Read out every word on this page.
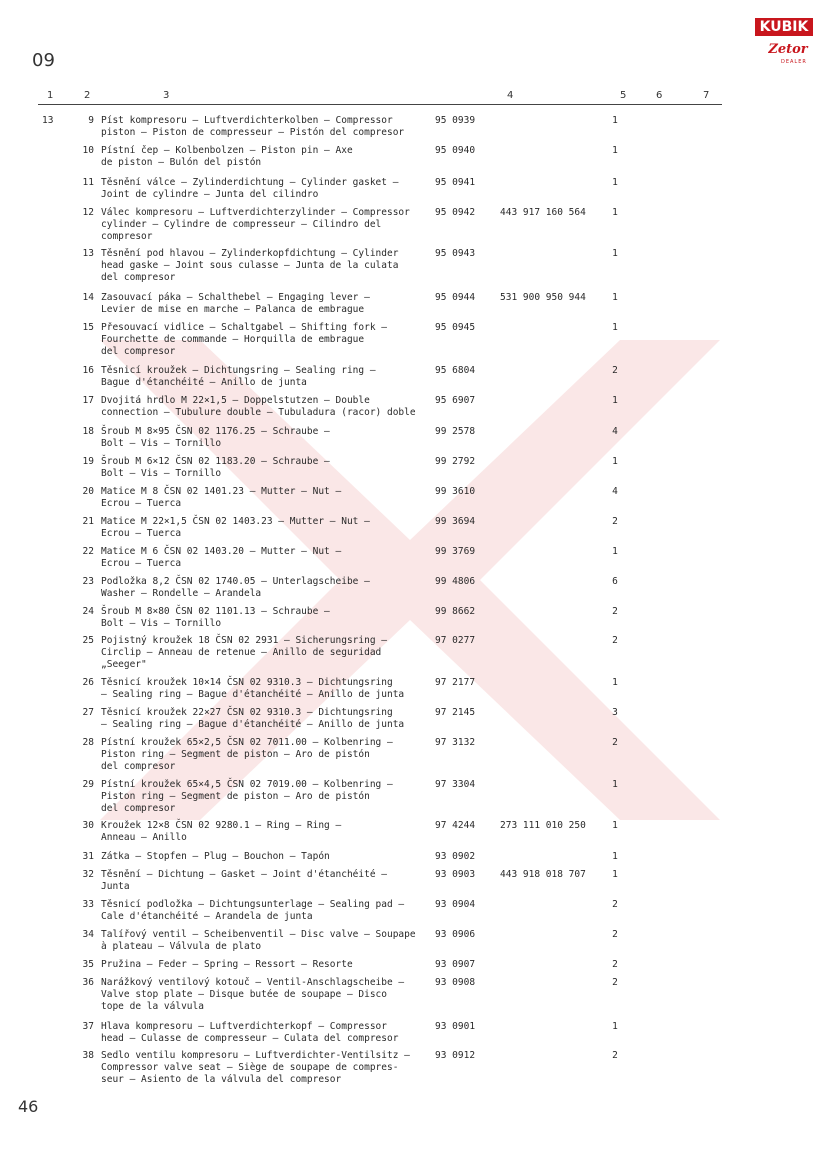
KUBIK
Zetor
DEALER
09
1	2	3	4	5	6	7
13	9 Píst kompresoru — Luftverdichterkolben — Compressor
piston — Piston de compresseur — Pistón del compresor
95 0939	1
10 Pístní čep — Kolbenbolzen — Piston pin — Axe
de piston — Bulón del pistón
95 0940	1
11 Těsnění válce — Zylinderdichtung — Cylinder gasket —
Joint de cylindre — Junta del cilindro
95 0941	1
12 Válec kompresoru — Luftverdichterzylinder — Compressor
cylinder — Cylindre de compresseur — Cilindro del
compresor
95 0942	443 917 160 564	1
13 Těsnění pod hlavou — Zylinderkopfdichtung — Cylinder
head gaske — Joint sous culasse — Junta de la culata
del compresor
95 0943	1
14 Zasouvací páka — Schalthebel — Engaging lever —
Levier de mise en marche — Palanca de embrague
95 0944	531 900 950 944	1
15 Přesouvací vidlice — Schaltgabel — Shifting fork —
Fourchette de commande — Horquilla de embrague
del compresor
95 0945	1
16 Těsnicí kroužek — Dichtungsring — Sealing ring —
Bague d'étanchéité — Anillo de junta
95 6804	2
17 Dvojitá hrdlo M 22×1,5 — Doppelstutzen — Double
connection — Tubulure double — Tubuladura (racor) doble
95 6907	1
18 Šroub M 8×95 ČSN 02 1176.25 — Schraube —
Bolt — Vis — Tornillo
99 2578	4
19 Šroub M 6×12 ČSN 02 1183.20 — Schraube —
Bolt — Vis — Tornillo
99 2792	1
20 Matice M 8 ČSN 02 1401.23 — Mutter — Nut —
Ecrou — Tuerca
99 3610	4
21 Matice M 22×1,5 ČSN 02 1403.23 — Mutter — Nut —
Ecrou — Tuerca
99 3694	2
22 Matice M 6 ČSN 02 1403.20 — Mutter — Nut —
Ecrou — Tuerca
99 3769	1
23 Podložka 8,2 ČSN 02 1740.05 — Unterlagscheibe —
Washer — Rondelle — Arandela
99 4806	6
24 Šroub M 8×80 ČSN 02 1101.13 — Schraube —
Bolt — Vis — Tornillo
99 8662	2
25 Pojistný kroužek 18 ČSN 02 2931 — Sicherungsring —
Circlip — Anneau de retenue — Anillo de seguridad
„Seeger"
97 0277	2
26 Těsnicí kroužek 10×14 ČSN 02 9310.3 — Dichtungsring
— Sealing ring — Bague d'étanchéité — Anillo de junta
97 2177	1
27 Těsnicí kroužek 22×27 ČSN 02 9310.3 — Dichtungsring
— Sealing ring — Bague d'étanchéité — Anillo de junta
97 2145	3
28 Pístní kroužek 65×2,5 ČSN 02 7011.00 — Kolbenring —
Piston ring — Segment de piston — Aro de pistón
del compresor
97 3132	2
29 Pístní kroužek 65×4,5 ČSN 02 7019.00 — Kolbenring —
Piston ring — Segment de piston — Aro de pistón
del compresor
97 3304	1
30 Kroužek 12×8 ČSN 02 9280.1 — Ring — Ring —
Anneau — Anillo
97 4244	273 111 010 250	1
31 Zátka — Stopfen — Plug — Bouchon — Tapón	93 0902	1
32 Těsnění — Dichtung — Gasket — Joint d'étanchéité —
Junta
93 0903	443 918 018 707	1
33 Těsnicí podložka — Dichtungsunterlage — Sealing pad —
Cale d'étanchéité — Arandela de junta
93 0904	2
34 Talířový ventil — Scheibenventil — Disc valve — Soupape
à plateau — Válvula de plato
93 0906	2
35 Pružina — Feder — Spring — Ressort — Resorte	93 0907	2
36 Narážkový ventilový kotouč — Ventil-Anschlagscheibe —
Valve stop plate — Disque butée de soupape — Disco
tope de la válvula
93 0908	2
37 Hlava kompresoru — Luftverdichterkopf — Compressor
head — Culasse de compresseur — Culata del compresor
93 0901	1
38 Sedlo ventilu kompresoru — Luftverdichter-Ventilsitz —
Compressor valve seat — Siège de soupape de compres-
seur — Asiento de la válvula del compresor
93 0912	2
46
